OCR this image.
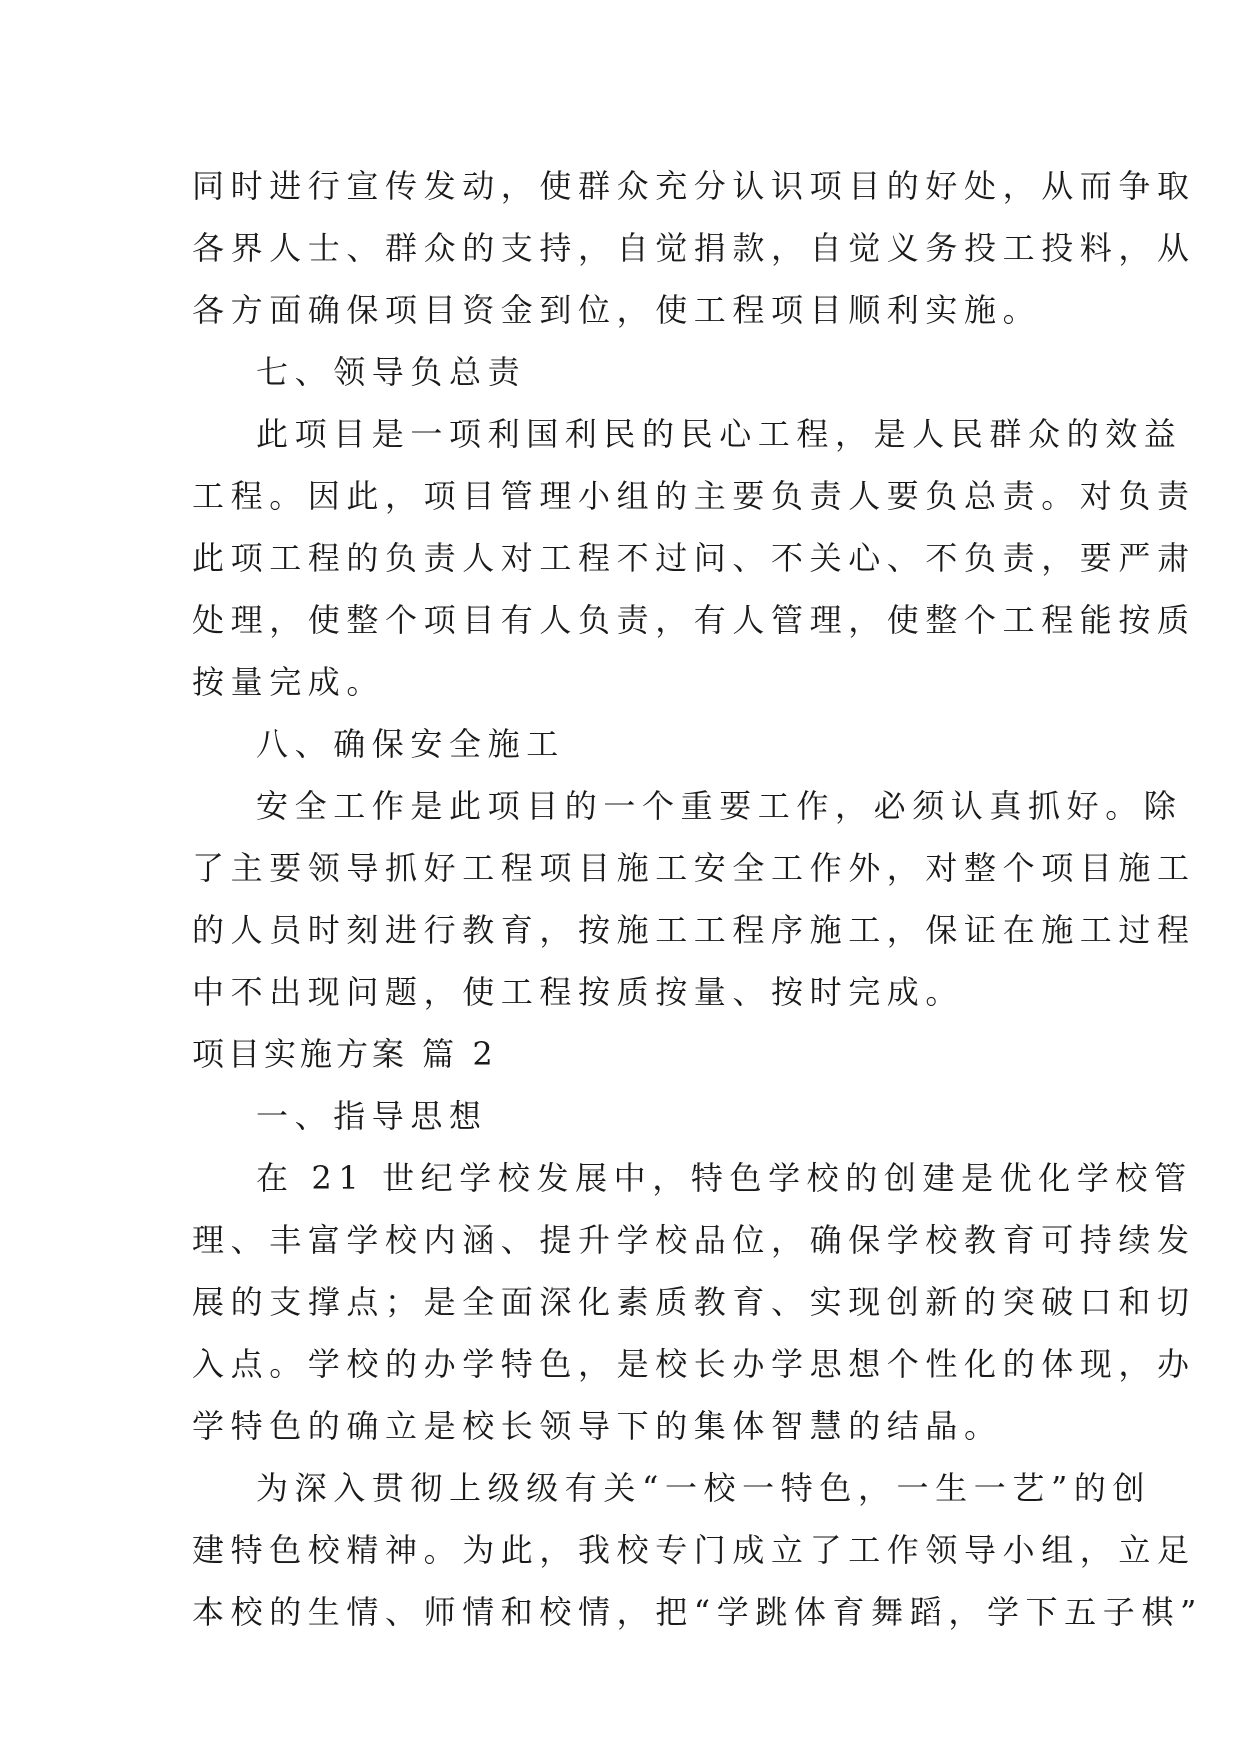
同时进行宣传发动，使群众充分认识项目的好处，从而争取
各界人士、群众的支持，自觉捐款，自觉义务投工投料，从
各方面确保项目资金到位，使工程项目顺利实施。
七、领导负总责
此项目是一项利国利民的民心工程，是人民群众的效益
工程。因此，项目管理小组的主要负责人要负总责。对负责
此项工程的负责人对工程不过问、不关心、不负责，要严肃
处理，使整个项目有人负责，有人管理，使整个工程能按质
按量完成。
八、确保安全施工
安全工作是此项目的一个重要工作，必须认真抓好。除
了主要领导抓好工程项目施工安全工作外，对整个项目施工
的人员时刻进行教育，按施工工程序施工，保证在施工过程
中不出现问题，使工程按质按量、按时完成。
项目实施方案 篇 2
一、指导思想
在 21 世纪学校发展中，特色学校的创建是优化学校管
理、丰富学校内涵、提升学校品位，确保学校教育可持续发
展的支撑点；是全面深化素质教育、实现创新的突破口和切
入点。学校的办学特色，是校长办学思想个性化的体现，办
学特色的确立是校长领导下的集体智慧的结晶。
为深入贯彻上级级有关“一校一特色，一生一艺”的创
建特色校精神。为此，我校专门成立了工作领导小组，立足
本校的生情、师情和校情，把“学跳体育舞蹈，学下五子棋”
